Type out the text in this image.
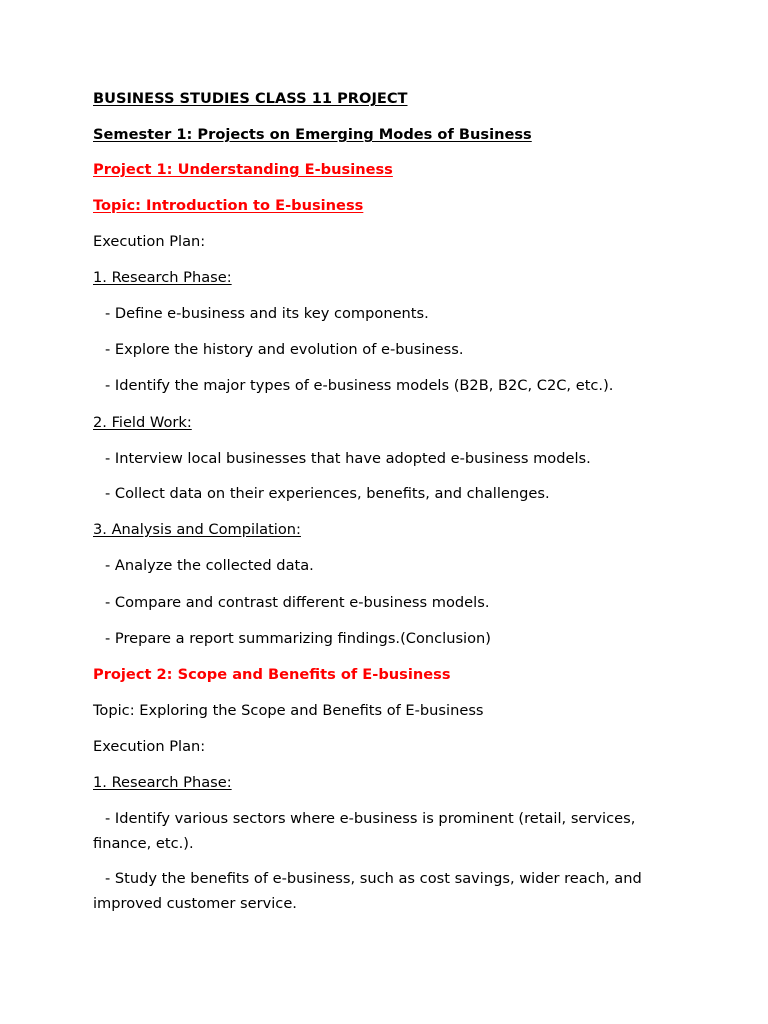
BUSINESS STUDIES CLASS 11 PROJECT
Semester 1: Projects on Emerging Modes of Business
Project 1: Understanding E-business
Topic: Introduction to E-business
Execution Plan:
1. Research Phase:
- Define e-business and its key components.
- Explore the history and evolution of e-business.
- Identify the major types of e-business models (B2B, B2C, C2C, etc.).
2. Field Work:
- Interview local businesses that have adopted e-business models.
- Collect data on their experiences, benefits, and challenges.
3. Analysis and Compilation:
- Analyze the collected data.
- Compare and contrast different e-business models.
- Prepare a report summarizing findings.(Conclusion)
Project 2: Scope and Benefits of E-business
Topic: Exploring the Scope and Benefits of E-business
Execution Plan:
1. Research Phase:
- Identify various sectors where e-business is prominent (retail, services, finance, etc.).
- Study the benefits of e-business, such as cost savings, wider reach, and improved customer service.
